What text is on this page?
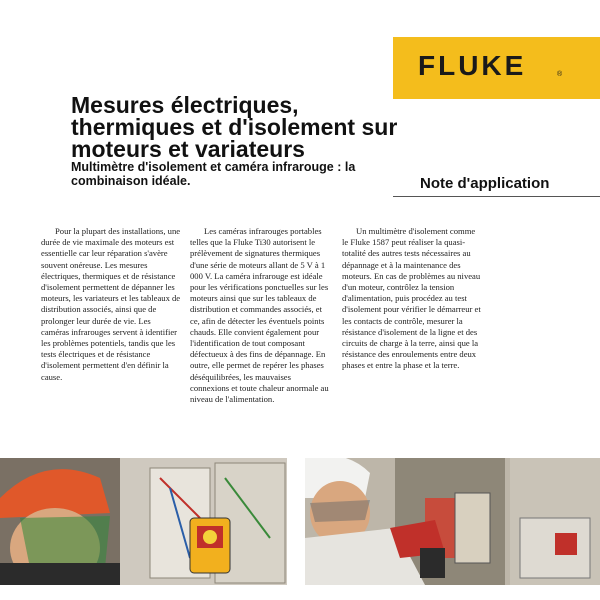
FLUKE	®
Mesures électriques, thermiques et d'isolement sur moteurs et variateurs
Multimètre d'isolement et caméra infrarouge : la combinaison idéale.	Note d'application
Pour la plupart des installations, une durée de vie maximale des moteurs est essentielle car leur réparation s'avère souvent onéreuse. Les mesures électriques, thermiques et de résistance d'isolement permettent de dépanner les moteurs, les variateurs et les tableaux de distribution associés, ainsi que de prolonger leur durée de vie. Les caméras infrarouges servent à identifier les problèmes potentiels, tandis que les tests électriques et de résistance d'isolement permettent d'en définir la cause.
Les caméras infrarouges portables telles que la Fluke Ti30 autorisent le prélèvement de signatures thermiques d'une série de moteurs allant de 5 V à 1 000 V. La caméra infrarouge est idéale pour les vérifications ponctuelles sur les moteurs ainsi que sur les tableaux de distribution et commandes associés, et ce, afin de détecter les éventuels points chauds. Elle convient également pour l'identification de tout composant défectueux à des fins de dépannage. En outre, elle permet de repérer les phases déséquilibrées, les mauvaises connexions et toute chaleur anormale au niveau de l'alimentation.
Un multimètre d'isolement comme le Fluke 1587 peut réaliser la quasi-totalité des autres tests nécessaires au dépannage et à la maintenance des moteurs. En cas de problèmes au niveau d'un moteur, contrôlez la tension d'alimentation, puis procédez au test d'isolement pour vérifier le démarreur et les contacts de contrôle, mesurer la résistance d'isolement de la ligne et des circuits de charge à la terre, ainsi que la résistance des enroulements entre deux phases et entre la phase et la terre.
